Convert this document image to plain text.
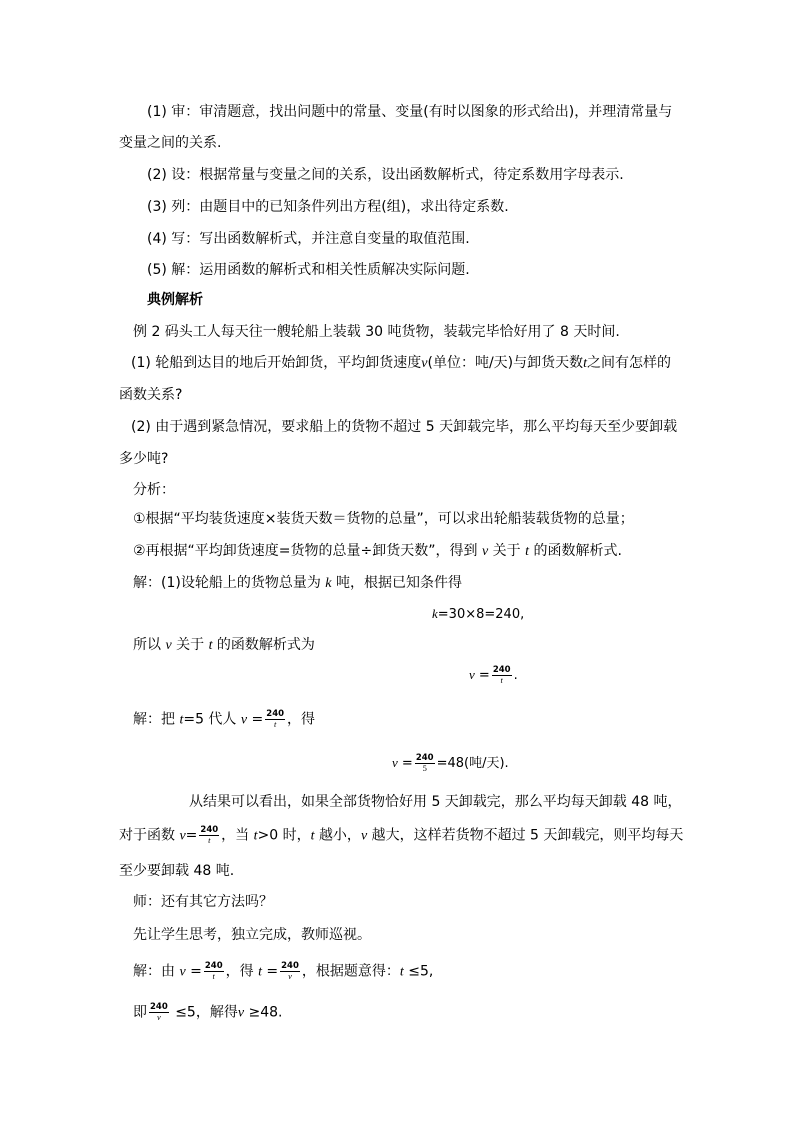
(1) 审：审清题意，找出问题中的常量、变量(有时以图象的形式给出)，并理清常量与
变量之间的关系.
(2) 设：根据常量与变量之间的关系，设出函数解析式，待定系数用字母表示.
(3) 列：由题目中的已知条件列出方程(组)，求出待定系数.
(4) 写：写出函数解析式，并注意自变量的取值范围.
(5) 解：运用函数的解析式和相关性质解决实际问题.
典例解析
例 2 码头工人每天往一艘轮船上装载 30 吨货物，装载完毕恰好用了 8 天时间.
(1) 轮船到达目的地后开始卸货，平均卸货速度v(单位：吨/天)与卸货天数t之间有怎样的
函数关系?
(2) 由于遇到紧急情况，要求船上的货物不超过 5 天卸载完毕，那么平均每天至少要卸载
多少吨?
分析：
①根据“平均装货速度×装货天数＝货物的总量”，可以求出轮船装载货物的总量；
②再根据“平均卸货速度=货物的总量÷卸货天数”，得到 v 关于 t 的函数解析式.
解：(1)设轮船上的货物总量为 k 吨，根据已知条件得
k=30×8=240,
所以 v 关于 t 的函数解析式为
$v = \frac{240}{t}$ .
解：把 t=5 代人 $v = \frac{240}{t}$ ，得
$v = \frac{240}{5} =48$(吨/天).
从结果可以看出，如果全部货物恰好用 5 天卸载完，那么平均每天卸载 48 吨，
对于函数 $v= \frac{240}{t}$ ，当 t>0 时，t 越小，v 越大，这样若货物不超过 5 天卸载完，则平均每天
至少要卸载 48 吨.
师：还有其它方法吗？
先让学生思考，独立完成，教师巡视。
解：由 $v = \frac{240}{t}$ ，得 $t = \frac{240}{v}$ ，根据题意得：t ≤5,
即 $\frac{240}{v} \le 5$，解得v ≥48.
